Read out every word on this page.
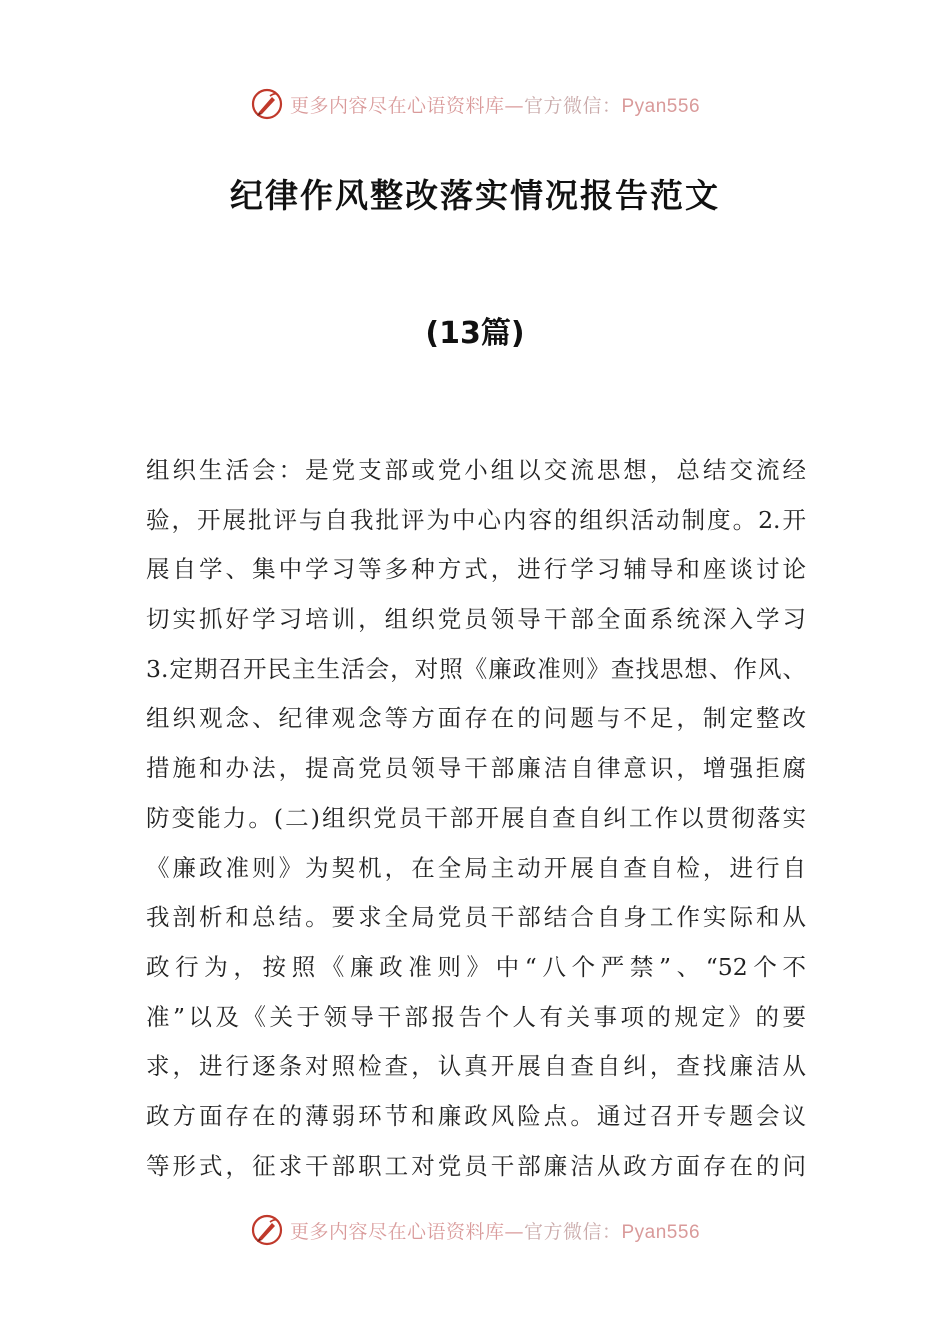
更多内容尽在心语资料库—官方微信：Pyan556
纪律作风整改落实情况报告范文
(13篇)
组织生活会：是党支部或党小组以交流思想，总结交流经
验，开展批评与自我批评为中心内容的组织活动制度。2.开
展自学、集中学习等多种方式，进行学习辅导和座谈讨论
切实抓好学习培训，组织党员领导干部全面系统深入学习
3.定期召开民主生活会，对照《廉政准则》查找思想、作风、
组织观念、纪律观念等方面存在的问题与不足，制定整改
措施和办法，提高党员领导干部廉洁自律意识，增强拒腐
防变能力。(二)组织党员干部开展自查自纠工作以贯彻落实
《廉政准则》为契机，在全局主动开展自查自检，进行自
我剖析和总结。要求全局党员干部结合自身工作实际和从
政行为，按照《廉政准则》中“八个严禁”、“52个不
准”以及《关于领导干部报告个人有关事项的规定》的要
求，进行逐条对照检查，认真开展自查自纠，查找廉洁从
政方面存在的薄弱环节和廉政风险点。通过召开专题会议
等形式，征求干部职工对党员干部廉洁从政方面存在的问
更多内容尽在心语资料库—官方微信：Pyan556
